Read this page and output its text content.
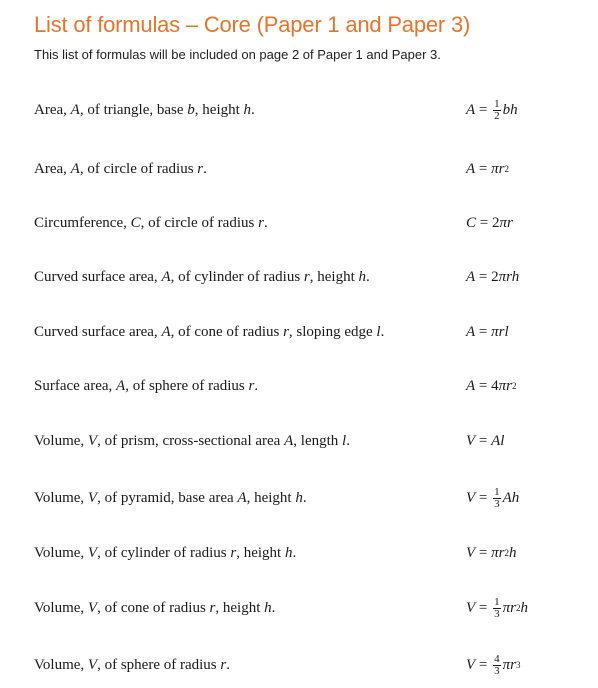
List of formulas – Core (Paper 1 and Paper 3)
This list of formulas will be included on page 2 of Paper 1 and Paper 3.
Area, A, of triangle, base b, height h.	$A = \frac{1}{2}$ bh
Area, A, of circle of radius r.	A = πr 2
Circumference, C, of circle of radius r.	C = 2 πr
Curved surface area, A, of cylinder of radius r, height h.	A = 2 πrh
Curved surface area, A, of cone of radius r, sloping edge l.	A = πrl
Surface area, A, of sphere of radius r.	A = 4 πr 2
Volume, V, of prism, cross-sectional area A, length l.	V = Al
Volume, V, of pyramid, base area A, height h.	$V = \frac{1}{3}$ Ah
Volume, V, of cylinder of radius r, height h.	V = πr 2 h
Volume, V, of cone of radius r, height h.	$V = \frac{1}{3}$ πr 2 h
Volume, V, of sphere of radius r.	$V = \frac{4}{3}$ πr 3
